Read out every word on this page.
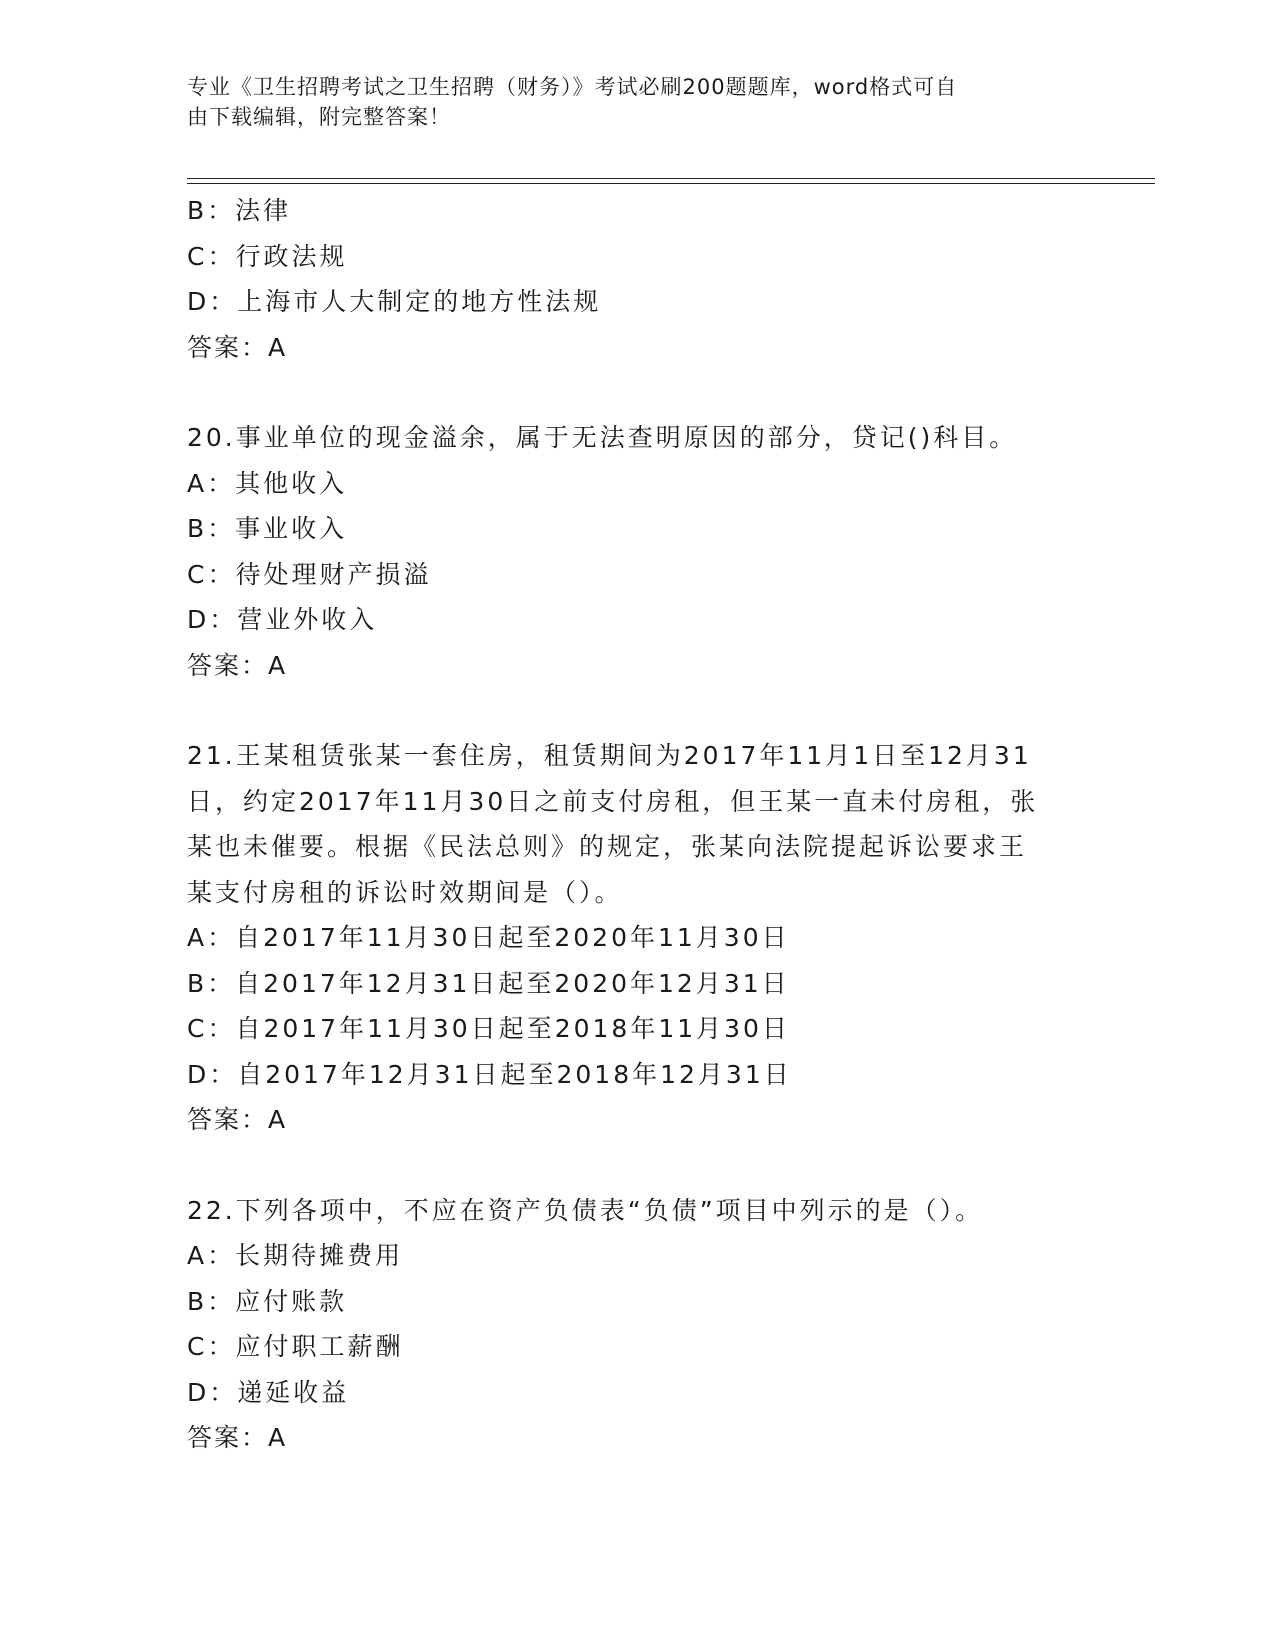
专业《卫生招聘考试之卫生招聘（财务）》考试必刷200题题库，word格式可自
由下载编辑，附完整答案！
B：法律
C：行政法规
D：上海市人大制定的地方性法规
答案：A
20.事业单位的现金溢余，属于无法查明原因的部分，贷记()科目。
A：其他收入
B：事业收入
C：待处理财产损溢
D：营业外收入
答案：A
21.王某租赁张某一套住房，租赁期间为2017年11月1日至12月31
日，约定2017年11月30日之前支付房租，但王某一直未付房租，张
某也未催要。根据《民法总则》的规定，张某向法院提起诉讼要求王
某支付房租的诉讼时效期间是（）。
A：自2017年11月30日起至2020年11月30日
B：自2017年12月31日起至2020年12月31日
C：自2017年11月30日起至2018年11月30日
D：自2017年12月31日起至2018年12月31日
答案：A
22.下列各项中，不应在资产负债表“负债”项目中列示的是（）。
A：长期待摊费用
B：应付账款
C：应付职工薪酬
D：递延收益
答案：A
